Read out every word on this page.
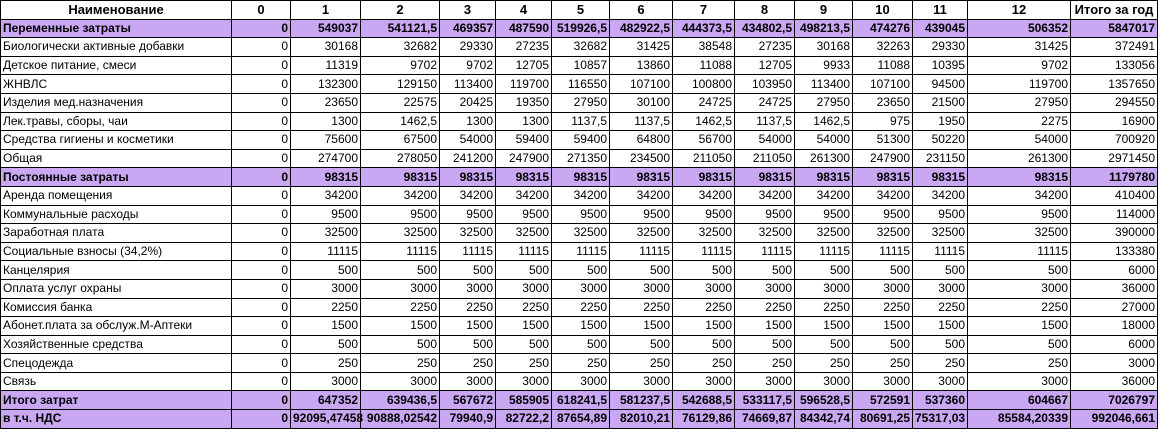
Наименование	0	1	2	3	4	5	6	7	8	9	10	11	12	Итого за год
Переменные затраты	0	549037	541121,5	469357	487590	519926,5	482922,5	444373,5	434802,5	498213,5	474276	439045	506352	5847017
Биологически активные добавки	0	30168	32682	29330	27235	32682	31425	38548	27235	30168	32263	29330	31425	372491
Детское питание, смеси	0	11319	9702	9702	12705	10857	13860	11088	12705	9933	11088	10395	9702	133056
ЖНВЛС	0	132300	129150	113400	119700	116550	107100	100800	103950	113400	107100	94500	119700	1357650
Изделия мед.назначения	0	23650	22575	20425	19350	27950	30100	24725	24725	27950	23650	21500	27950	294550
Лек.травы, сборы, чаи	0	1300	1462,5	1300	1300	1137,5	1137,5	1462,5	1137,5	1462,5	975	1950	2275	16900
Средства гигиены и косметики	0	75600	67500	54000	59400	59400	64800	56700	54000	54000	51300	50220	54000	700920
Общая	0	274700	278050	241200	247900	271350	234500	211050	211050	261300	247900	231150	261300	2971450
Постоянные затраты	0	98315	98315	98315	98315	98315	98315	98315	98315	98315	98315	98315	98315	1179780
Аренда помещения	0	34200	34200	34200	34200	34200	34200	34200	34200	34200	34200	34200	34200	410400
Коммунальные расходы	0	9500	9500	9500	9500	9500	9500	9500	9500	9500	9500	9500	9500	114000
Заработная плата	0	32500	32500	32500	32500	32500	32500	32500	32500	32500	32500	32500	32500	390000
Социальные взносы (34,2%)	0	11115	11115	11115	11115	11115	11115	11115	11115	11115	11115	11115	11115	133380
Канцелярия	0	500	500	500	500	500	500	500	500	500	500	500	500	6000
Оплата услуг охраны	0	3000	3000	3000	3000	3000	3000	3000	3000	3000	3000	3000	3000	36000
Комиссия банка	0	2250	2250	2250	2250	2250	2250	2250	2250	2250	2250	2250	2250	27000
Абонет.плата за обслуж.М-Аптеки	0	1500	1500	1500	1500	1500	1500	1500	1500	1500	1500	1500	1500	18000
Хозяйственные средства	0	500	500	500	500	500	500	500	500	500	500	500	500	6000
Спецодежда	0	250	250	250	250	250	250	250	250	250	250	250	250	3000
Связь	0	3000	3000	3000	3000	3000	3000	3000	3000	3000	3000	3000	3000	36000
Итого затрат	0	647352	639436,5	567672	585905	618241,5	581237,5	542688,5	533117,5	596528,5	572591	537360	604667	7026797
в т.ч. НДС	0	92095,47458	90888,02542	79940,9	82722,2	87654,89	82010,21	76129,86	74669,87	84342,74	80691,25	75317,03	85584,20339	992046,661
